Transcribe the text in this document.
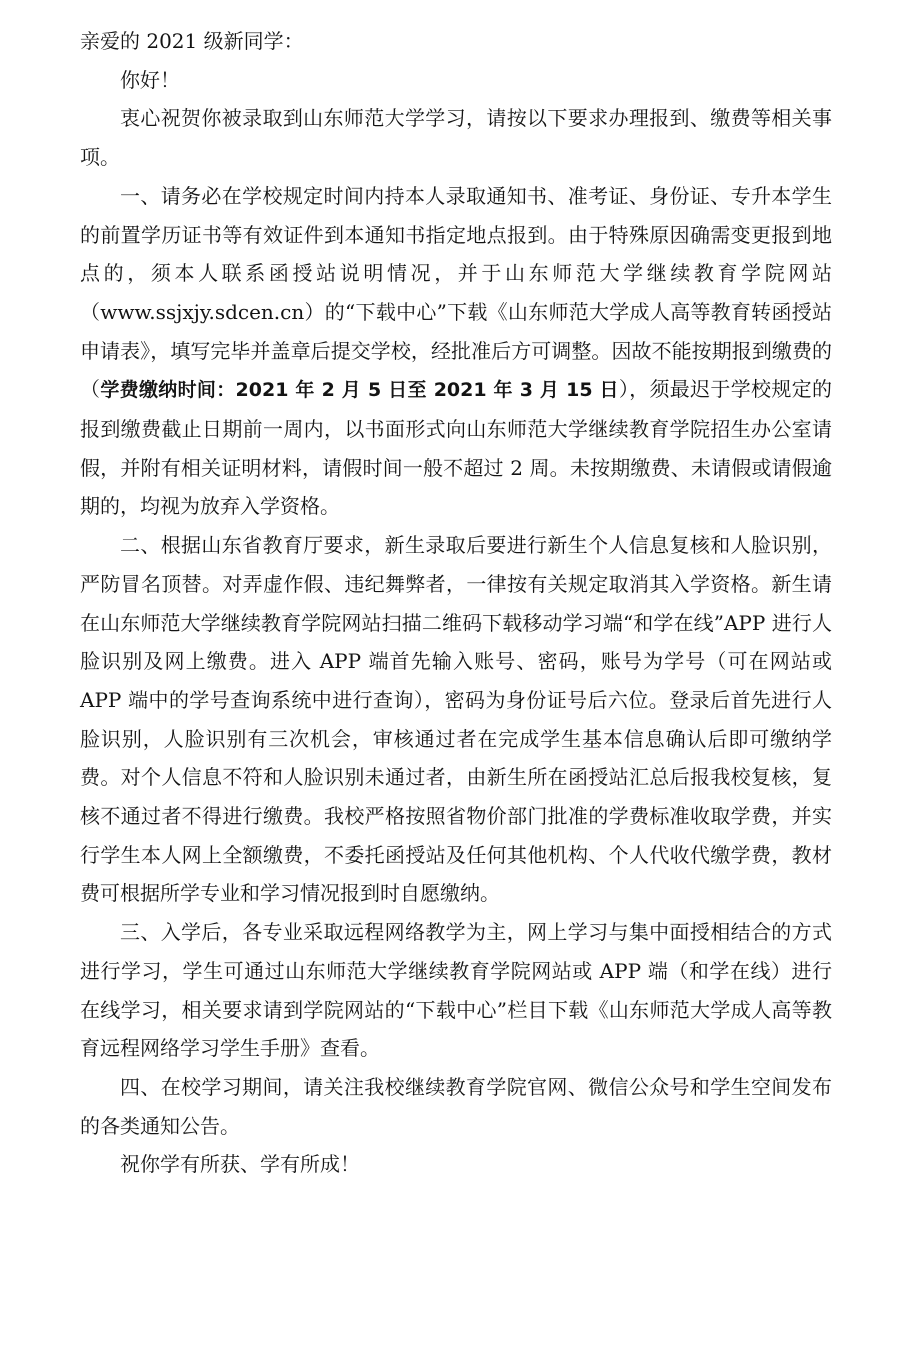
亲爱的 2021 级新同学：

你好！

衷心祝贺你被录取到山东师范大学学习，请按以下要求办理报到、缴费等相关事项。

一、请务必在学校规定时间内持本人录取通知书、准考证、身份证、专升本学生的前置学历证书等有效证件到本通知书指定地点报到。由于特殊原因确需变更报到地点的，须本人联系函授站说明情况，并于山东师范大学继续教育学院网站（www.ssjxjy.sdcen.cn）的“下载中心”下载《山东师范大学成人高等教育转函授站申请表》，填写完毕并盖章后提交学校，经批准后方可调整。因故不能按期报到缴费的（学费缴纳时间：2021 年 2 月 5 日至 2021 年 3 月 15 日），须最迟于学校规定的报到缴费截止日期前一周内，以书面形式向山东师范大学继续教育学院招生办公室请假，并附有相关证明材料，请假时间一般不超过 2 周。未按期缴费、未请假或请假逾期的，均视为放弃入学资格。

二、根据山东省教育厅要求，新生录取后要进行新生个人信息复核和人脸识别，严防冒名顶替。对弄虚作假、违纪舞弊者，一律按有关规定取消其入学资格。新生请在山东师范大学继续教育学院网站扫描二维码下载移动学习端“和学在线”APP 进行人脸识别及网上缴费。进入 APP 端首先输入账号、密码，账号为学号（可在网站或 APP 端中的学号查询系统中进行查询），密码为身份证号后六位。登录后首先进行人脸识别，人脸识别有三次机会，审核通过者在完成学生基本信息确认后即可缴纳学费。对个人信息不符和人脸识别未通过者，由新生所在函授站汇总后报我校复核，复核不通过者不得进行缴费。我校严格按照省物价部门批准的学费标准收取学费，并实行学生本人网上全额缴费，不委托函授站及任何其他机构、个人代收代缴学费，教材费可根据所学专业和学习情况报到时自愿缴纳。

三、入学后，各专业采取远程网络教学为主，网上学习与集中面授相结合的方式进行学习，学生可通过山东师范大学继续教育学院网站或 APP 端（和学在线）进行在线学习，相关要求请到学院网站的“下载中心”栏目下载《山东师范大学成人高等教育远程网络学习学生手册》查看。

四、在校学习期间，请关注我校继续教育学院官网、微信公众号和学生空间发布的各类通知公告。

祝你学有所获、学有所成！
